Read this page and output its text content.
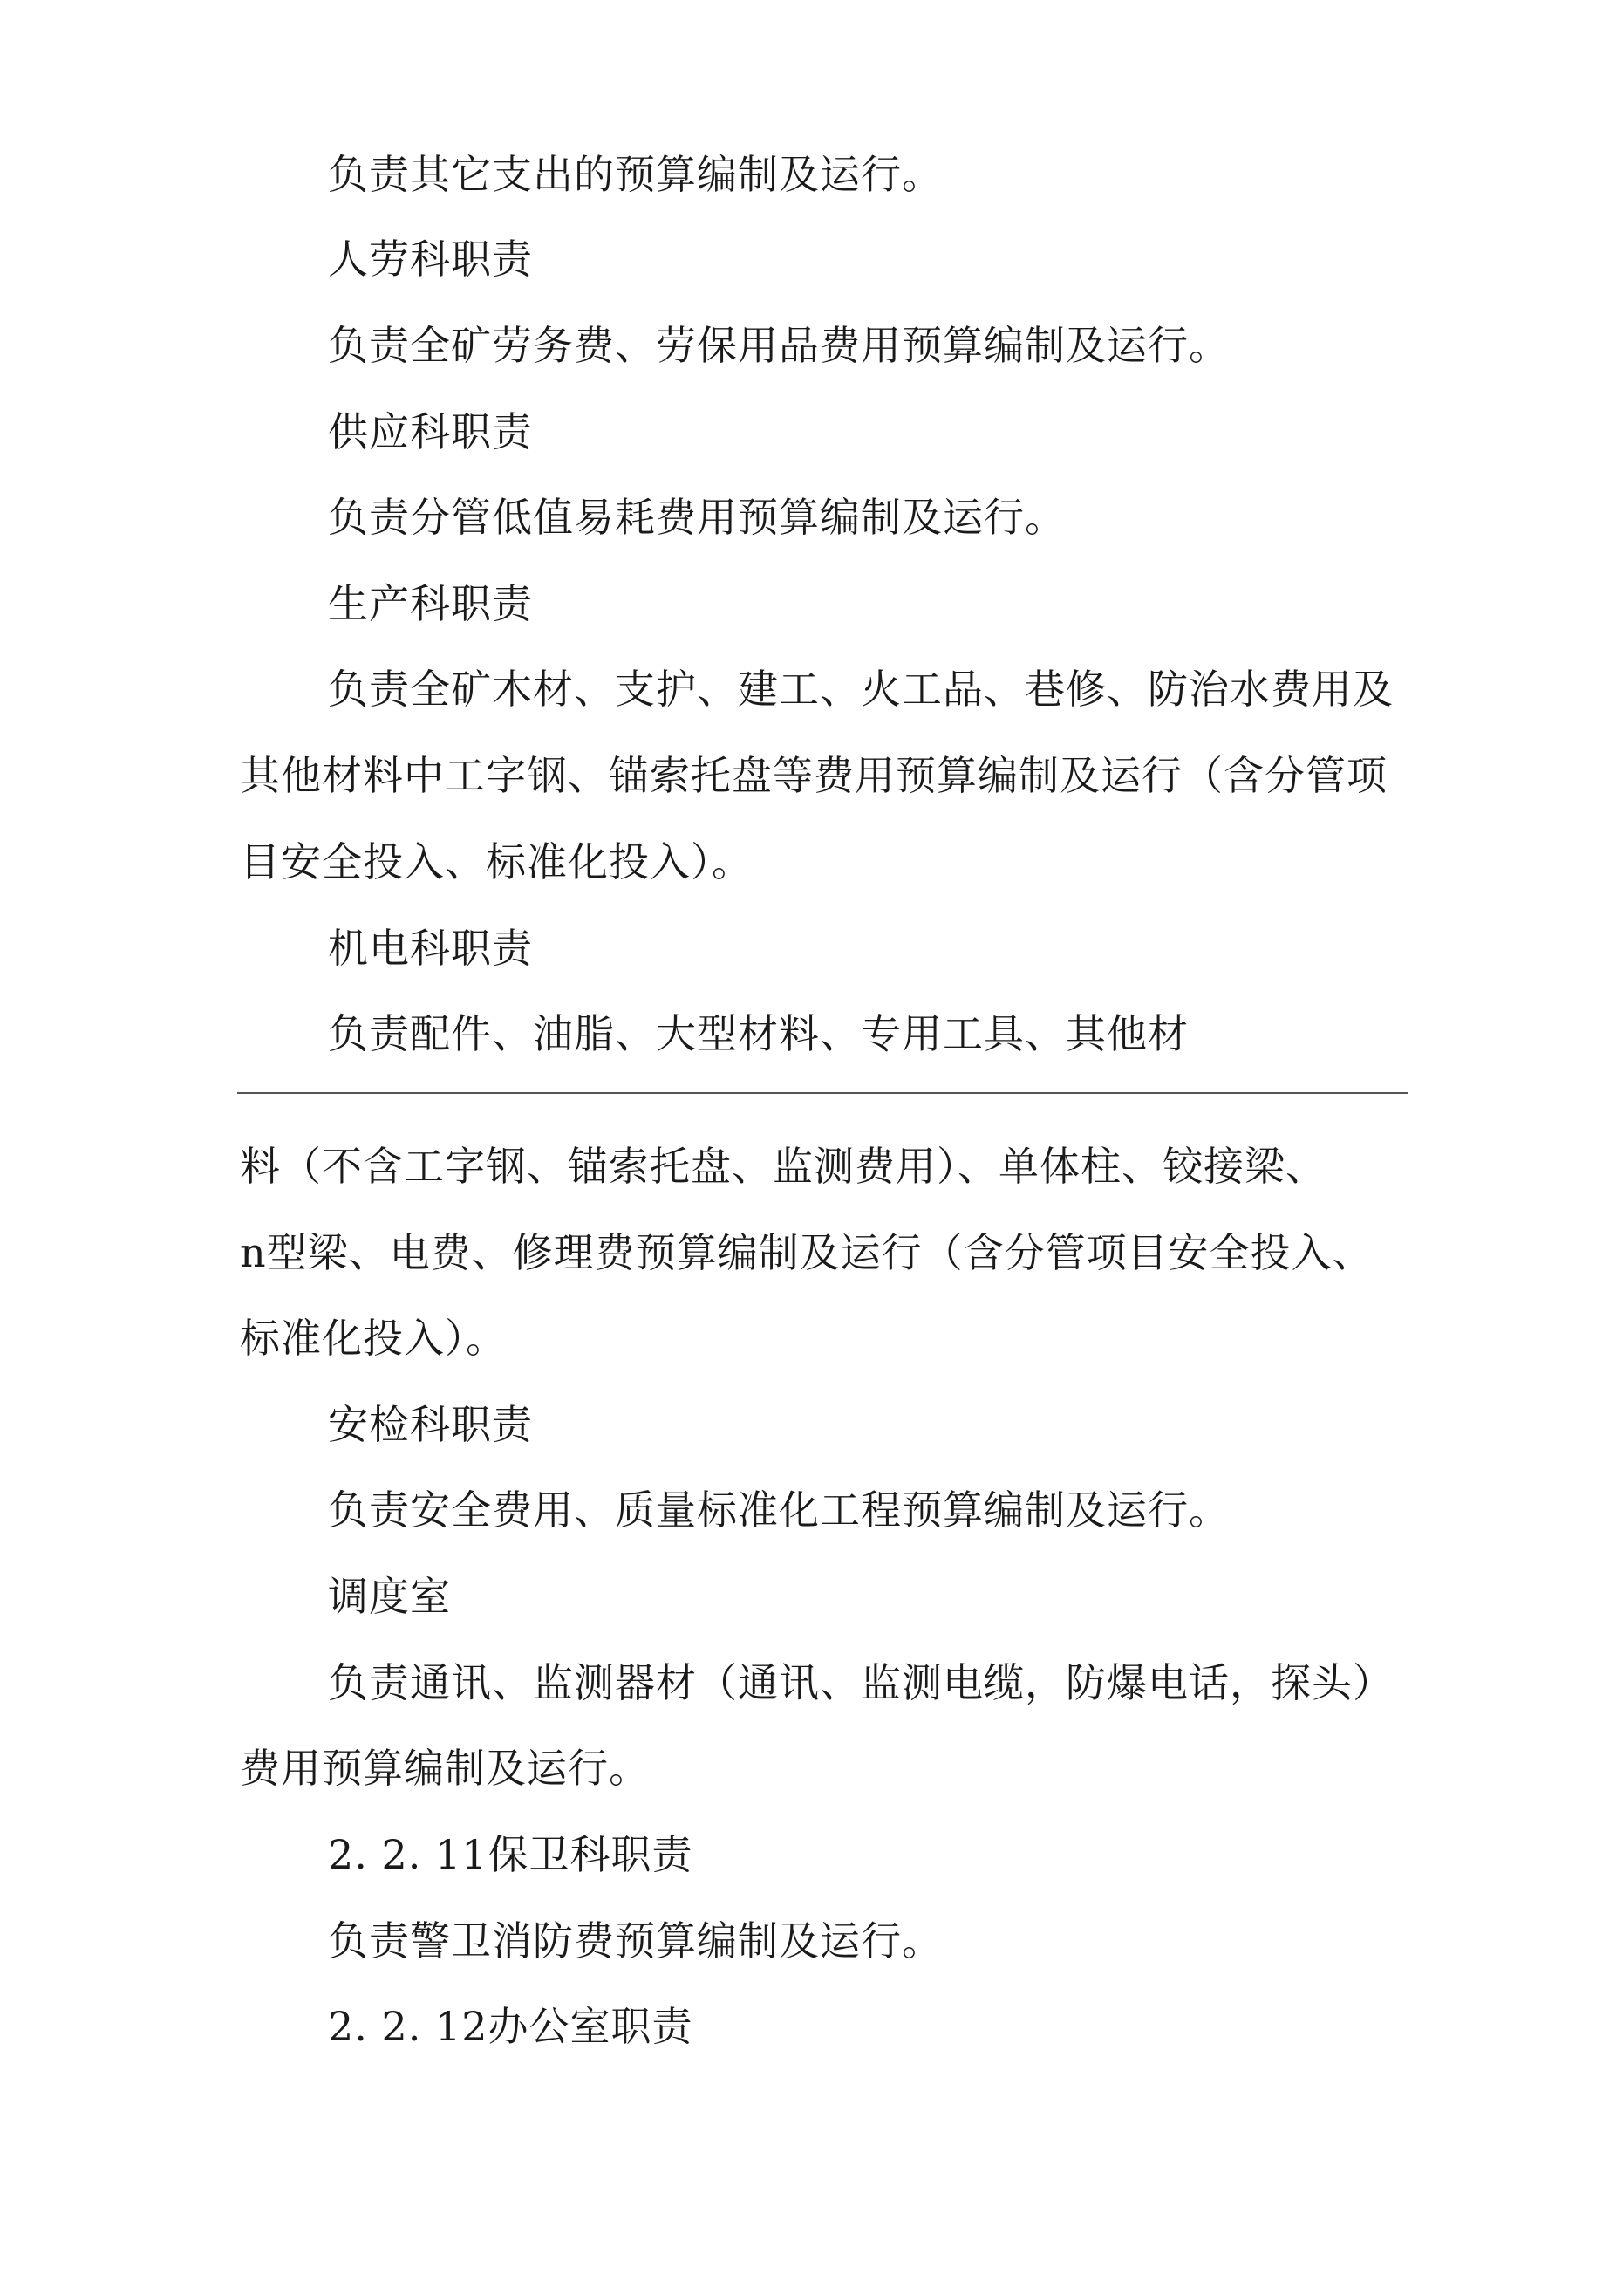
负责其它支出的预算编制及运行。
人劳科职责
负责全矿劳务费、劳保用品费用预算编制及运行。
供应科职责
负责分管低值易耗费用预算编制及运行。
生产科职责
负责全矿木材、支护、建工、火工品、巷修、防治水费用及
其他材料中工字钢、锚索托盘等费用预算编制及运行（含分管项
目安全投入、标准化投入）。
机电科职责
负责配件、油脂、大型材料、专用工具、其他材
料（不含工字钢、锚索托盘、监测费用）、单体柱、铰接梁、
n型梁、电费、修理费预算编制及运行（含分管项目安全投入、
标准化投入）。
安检科职责
负责安全费用、质量标准化工程预算编制及运行。
调度室
负责通讯、监测器材（通讯、监测电缆，防爆电话，探头）
费用预算编制及运行。
2. 2. 11保卫科职责
负责警卫消防费预算编制及运行。
2. 2. 12办公室职责
